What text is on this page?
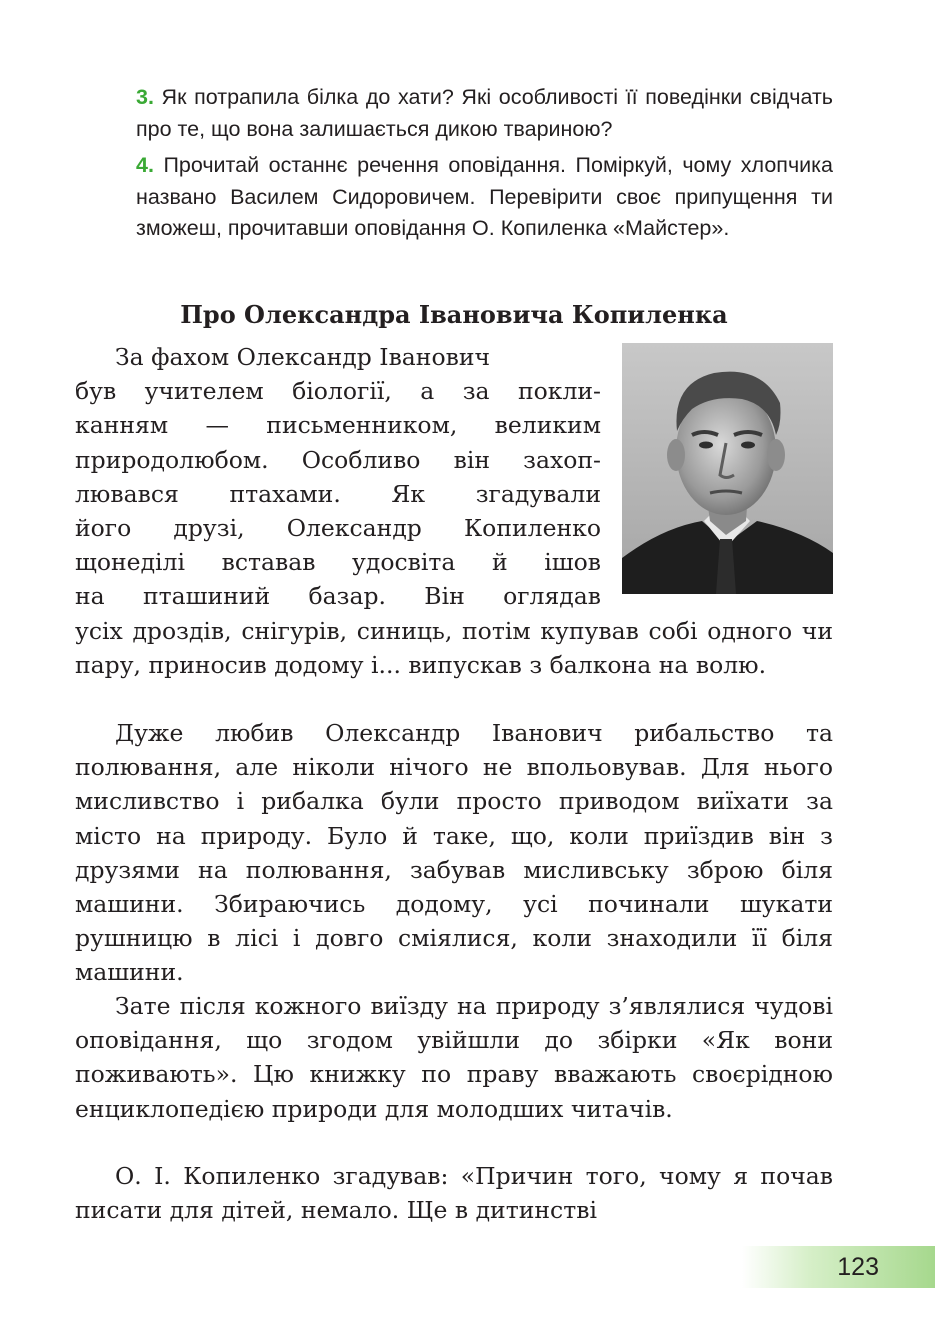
3. Як потрапила білка до хати? Які особливості її поведінки свідчать про те, що вона залишається дикою твариною?

4. Прочитай останнє речення оповідання. Поміркуй, чому хлопчика названо Василем Сидоровичем. Перевірити своє припущення ти зможеш, прочитавши оповідання О. Копиленка «Майстер».

Про Олександра Івановича Копиленка
За фахом Олександр Іванович
був учителем біології, а за покли-
канням — письменником, великим
природолюбом. Особливо він захоп-
лювався птахами. Як згадували
його друзі, Олександр Копиленко
щонеділі вставав удосвіта й ішов
на пташиний базар. Він оглядав

усіх дроздів, снігурів, синиць, потім купував собі одного чи пару, приносив додому і... випускав з балкона на волю.

Дуже любив Олександр Іванович рибальство та полювання, але ніколи нічого не впольовував. Для нього мисливство і рибалка були просто приводом виїхати за місто на природу. Було й таке, що, коли приїздив він з друзями на полювання, забував мисливську зброю біля машини. Збираючись додому, усі починали шукати рушницю в лісі і довго сміялися, коли знаходили її біля машини.

Зате після кожного виїзду на природу з’являлися чудові оповідання, що згодом увійшли до збірки «Як вони поживають». Цю книжку по праву вважають своєрідною енциклопедією природи для молодших читачів.

О. І. Копиленко згадував: «Причин того, чому я почав писати для дітей, немало. Ще в дитинстві

123
